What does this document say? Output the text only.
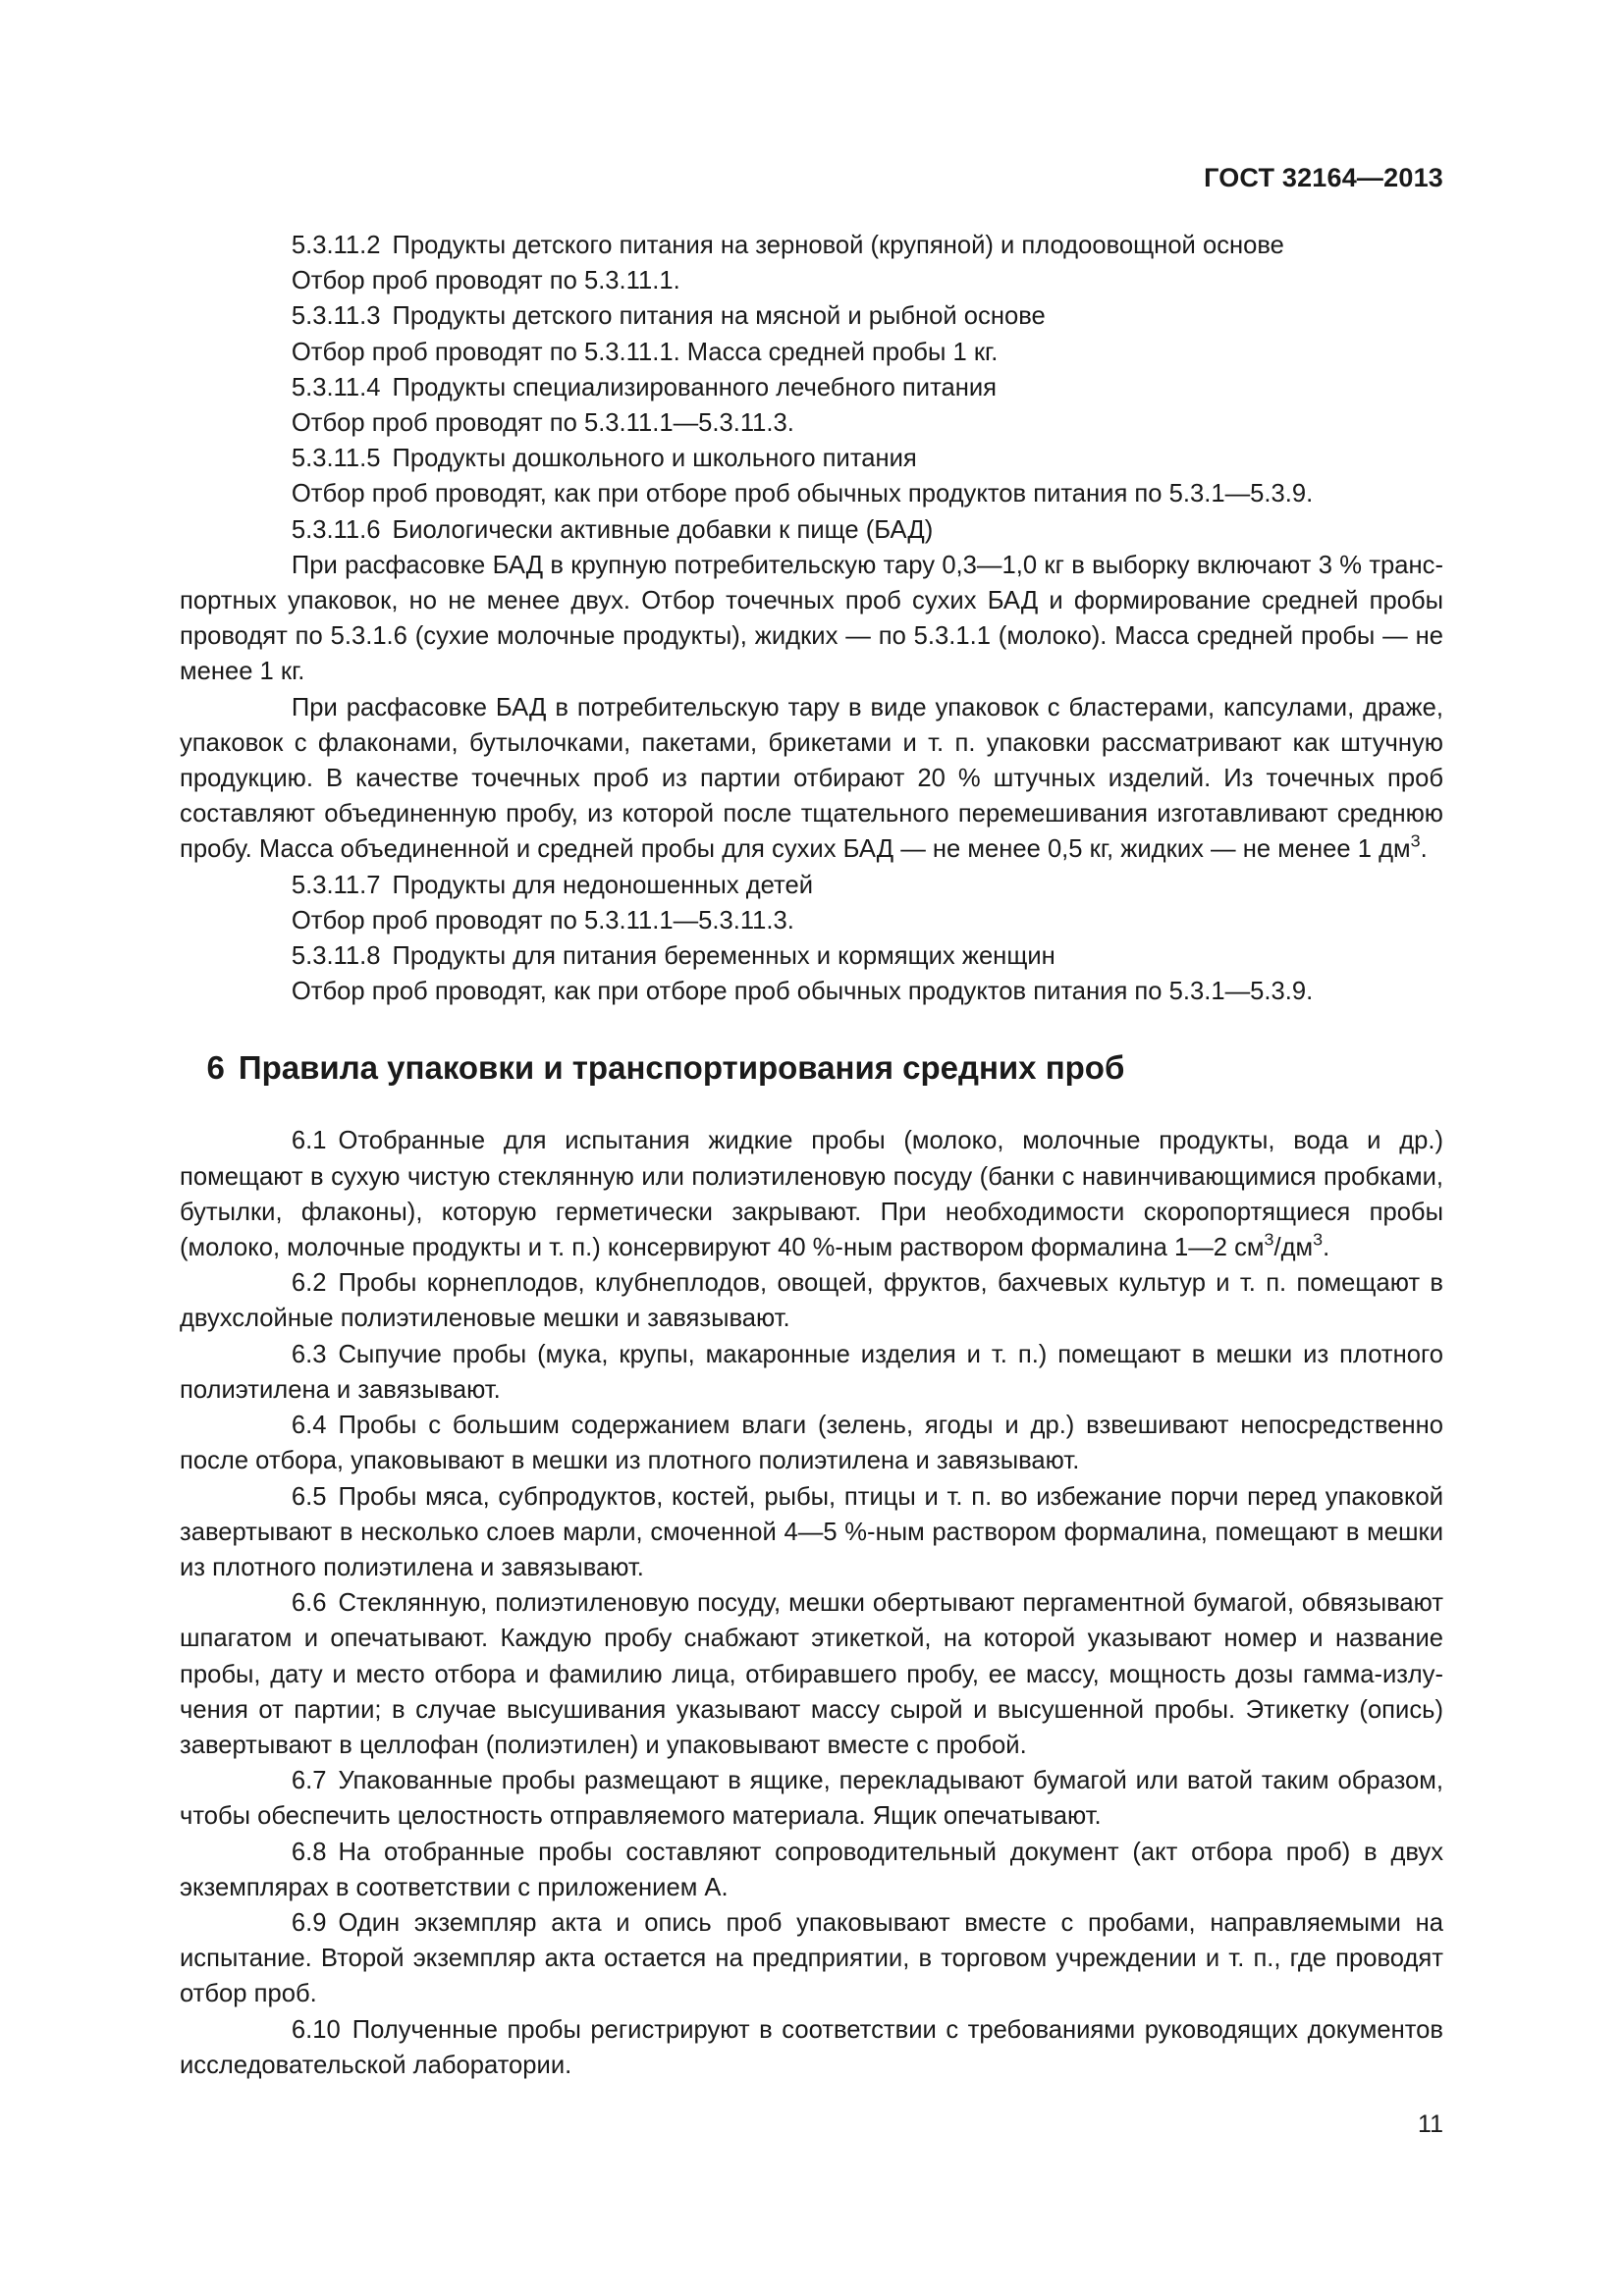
ГОСТ 32164—2013

5.3.11.2 Продукты детского питания на зерновой (крупяной) и плодоовощной основе

Отбор проб проводят по 5.3.11.1.

5.3.11.3 Продукты детского питания на мясной и рыбной основе

Отбор проб проводят по 5.3.11.1. Масса средней пробы 1 кг.

5.3.11.4 Продукты специализированного лечебного питания

Отбор проб проводят по 5.3.11.1—5.3.11.3.

5.3.11.5 Продукты дошкольного и школьного питания

Отбор проб проводят, как при отборе проб обычных продуктов питания по 5.3.1—5.3.9.

5.3.11.6 Биологически активные добавки к пище (БАД)

При расфасовке БАД в крупную потребительскую тару 0,3—1,0 кг в выборку включают 3 % транспортных упаковок, но не менее двух. Отбор точечных проб сухих БАД и формирование средней пробы проводят по 5.3.1.6 (сухие молочные продукты), жидких — по 5.3.1.1 (молоко). Масса средней пробы — не менее 1 кг.

При расфасовке БАД в потребительскую тару в виде упаковок с бластерами, капсулами, драже, упаковок с флаконами, бутылочками, пакетами, брикетами и т. п. упаковки рассматривают как штучную продукцию. В качестве точечных проб из партии отбирают 20 % штучных изделий. Из точечных проб составляют объединенную пробу, из которой после тщательного перемешивания изготавливают среднюю пробу. Масса объединенной и средней пробы для сухих БАД — не менее 0,5 кг, жидких — не менее 1 $дм^3$.

5.3.11.7 Продукты для недоношенных детей

Отбор проб проводят по 5.3.11.1—5.3.11.3.

5.3.11.8 Продукты для питания беременных и кормящих женщин

Отбор проб проводят, как при отборе проб обычных продуктов питания по 5.3.1—5.3.9.

6 Правила упаковки и транспортирования средних проб

6.1 Отобранные для испытания жидкие пробы (молоко, молочные продукты, вода и др.) помещают в сухую чистую стеклянную или полиэтиленовую посуду (банки с навинчивающимися пробками, бутылки, флаконы), которую герметически закрывают. При необходимости скоропортящиеся пробы (молоко, молочные продукты и т. п.) консервируют 40 %-ным раствором формалина 1—2 $см^3/дм^3$.

6.2 Пробы корнеплодов, клубнеплодов, овощей, фруктов, бахчевых культур и т. п. помещают в двухслойные полиэтиленовые мешки и завязывают.

6.3 Сыпучие пробы (мука, крупы, макаронные изделия и т. п.) помещают в мешки из плотного полиэтилена и завязывают.

6.4 Пробы с большим содержанием влаги (зелень, ягоды и др.) взвешивают непосредственно после отбора, упаковывают в мешки из плотного полиэтилена и завязывают.

6.5 Пробы мяса, субпродуктов, костей, рыбы, птицы и т. п. во избежание порчи перед упаковкой завертывают в несколько слоев марли, смоченной 4—5 %-ным раствором формалина, помещают в мешки из плотного полиэтилена и завязывают.

6.6 Стеклянную, полиэтиленовую посуду, мешки обертывают пергаментной бумагой, обвязывают шпагатом и опечатывают. Каждую пробу снабжают этикеткой, на которой указывают номер и название пробы, дату и место отбора и фамилию лица, отбиравшего пробу, ее массу, мощность дозы гамма-излучения от партии; в случае высушивания указывают массу сырой и высушенной пробы. Этикетку (опись) завертывают в целлофан (полиэтилен) и упаковывают вместе с пробой.

6.7 Упакованные пробы размещают в ящике, перекладывают бумагой или ватой таким образом, чтобы обеспечить целостность отправляемого материала. Ящик опечатывают.

6.8 На отобранные пробы составляют сопроводительный документ (акт отбора проб) в двух экземплярах в соответствии с приложением А.

6.9 Один экземпляр акта и опись проб упаковывают вместе с пробами, направляемыми на испытание. Второй экземпляр акта остается на предприятии, в торговом учреждении и т. п., где проводят отбор проб.

6.10 Полученные пробы регистрируют в соответствии с требованиями руководящих документов исследовательской лаборатории.

11
